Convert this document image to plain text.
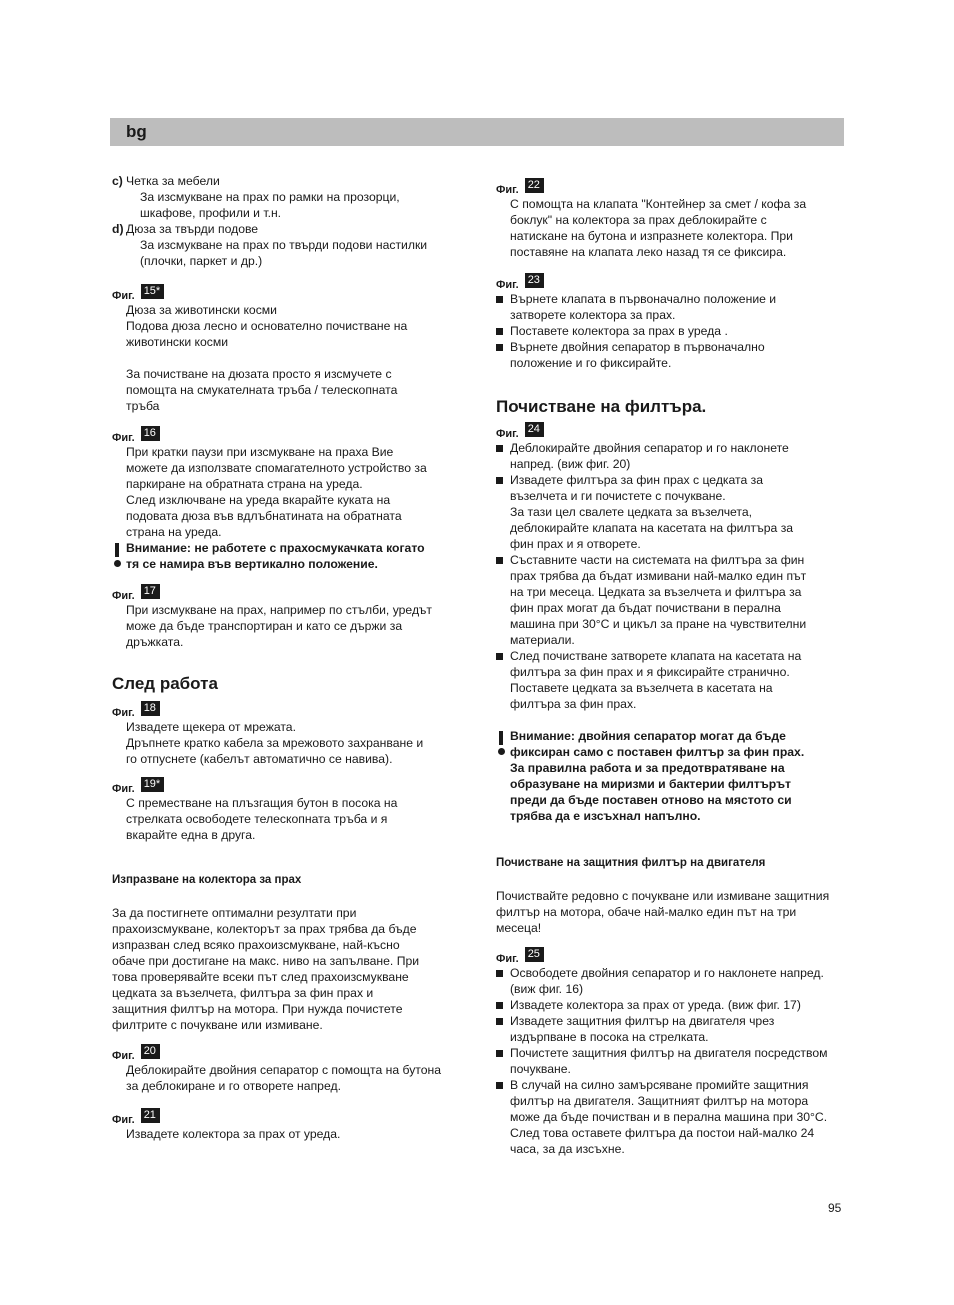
bg
c) Четка за мебели
За изсмукване на прах по рамки на прозорци,
шкафове, профили и т.н.
d) Дюза за твърди подове
За изсмукване на прах по твърди подови настилки
(плочки, паркет и др.)
Фиг. 15*
Дюза за животински косми
Подова дюза лесно и основателно почистване на
животински косми
За почистване на дюзата просто я изсмучете с
помощта на смукателната тръба / телескопната
тръба
Фиг. 16
При кратки паузи при изсмукване на праха Вие
можете да използвате спомагателното устройство за
паркиране на обратната страна на уреда.
След изключване на уреда вкарайте куката на
подовата дюза във вдлъбнатината на обратната
страна на уреда.
Внимание: не работете с прахосмукачката когато
тя се намира във вертикално положение.
Фиг. 17
При изсмукване на прах, например по стълби, уредът
може да бъде транспортиран и като се държи за
дръжката.
След работа
Фиг. 18
Извадете щекера от мрежата.
Дръпнете кратко кабела за мрежовото захранване и
го отпуснете (кабелът автоматично се навива).
Фиг. 19*
С преместване на плъзгащия бутон в посока на
стрелката освободете телескопната тръба и я
вкарайте една в друга.
Изпразване на колектора за прах
За да постигнете оптимални резултати при
прахоизсмукване, колекторът за прах трябва да бъде
изпразван след всяко прахоизсмукване, най-късно
обаче при достигане на макс. ниво на запълване. При
това проверявайте всеки път след прахоизсмукване
цедката за възелчета, филтъра за фин прах и
защитния филтър на мотора. При нужда почистете
филтрите с почукване или измиване.
Фиг. 20
Деблокирайте двойния сепаратор с помощта на бутона
за деблокиране и го отворете напред.
Фиг. 21
Извадете колектора за прах от уреда.
Фиг. 22
С помощта на клапата "Контейнер за смет / кофа за
боклук" на колектора за прах деблокирайте с
натискане на бутона и изпразнете колектора. При
поставяне на клапата леко назад тя се фиксира.
Фиг. 23
Върнете клапата в първоначално положение и
затворете колектора за прах.
Поставете колектора за прах в уреда .
Върнете двойния сепаратор в първоначално
положение и го фиксирайте.
Почистване на филтъра.
Фиг. 24
Деблокирайте двойния сепаратор и го наклонете
напред. (виж фиг. 20)
Извадете филтъра за фин прах с цедката за
възелчета и ги почистете с почукване.
За тази цел свалете цедката за възелчета,
деблокирайте клапата на касетата на филтъра за
фин прах и я отворете.
Съставните части на системата на филтъра за фин
прах трябва да бъдат измивани най-малко един път
на три месеца. Цедката за възелчета и филтъра за
фин прах могат да бъдат почиствани в перална
машина при 30°С и цикъл за пране на чувствителни
материали.
След почистване затворете клапата на касетата на
филтъра за фин прах и я фиксирайте странично.
Поставете цедката за възелчета в касетата на
филтъра за фин прах.
Внимание: двойния сепаратор могат да бъде
фиксиран само с поставен филтър за фин прах.
За правилна работа и за предотвратяване на
образуване на миризми и бактерии филтърът
преди да бъде поставен отново на мястото си
трябва да е изсъхнал напълно.
Почистване на защитния филтър на двигателя
Почиствайте редовно с почукване или измиване защитния
филтър на мотора, обаче най-малко един път на три
месеца!
Фиг. 25
Освободете двойния сепаратор и го наклонете напред.
(виж фиг. 16)
Извадете колектора за прах от уреда. (виж фиг. 17)
Извадете защитния филтър на двигателя чрез
издърпване в посока на стрелката.
Почистете защитния филтър на двигателя посредством
почукване.
В случай на силно замърсяване промийте защитния
филтър на двигателя. Защитният филтър на мотора
може да бъде почистван и в перална машина при 30°С.
След това оставете филтъра да постои най-малко 24
часа, за да изсъхне.
95
